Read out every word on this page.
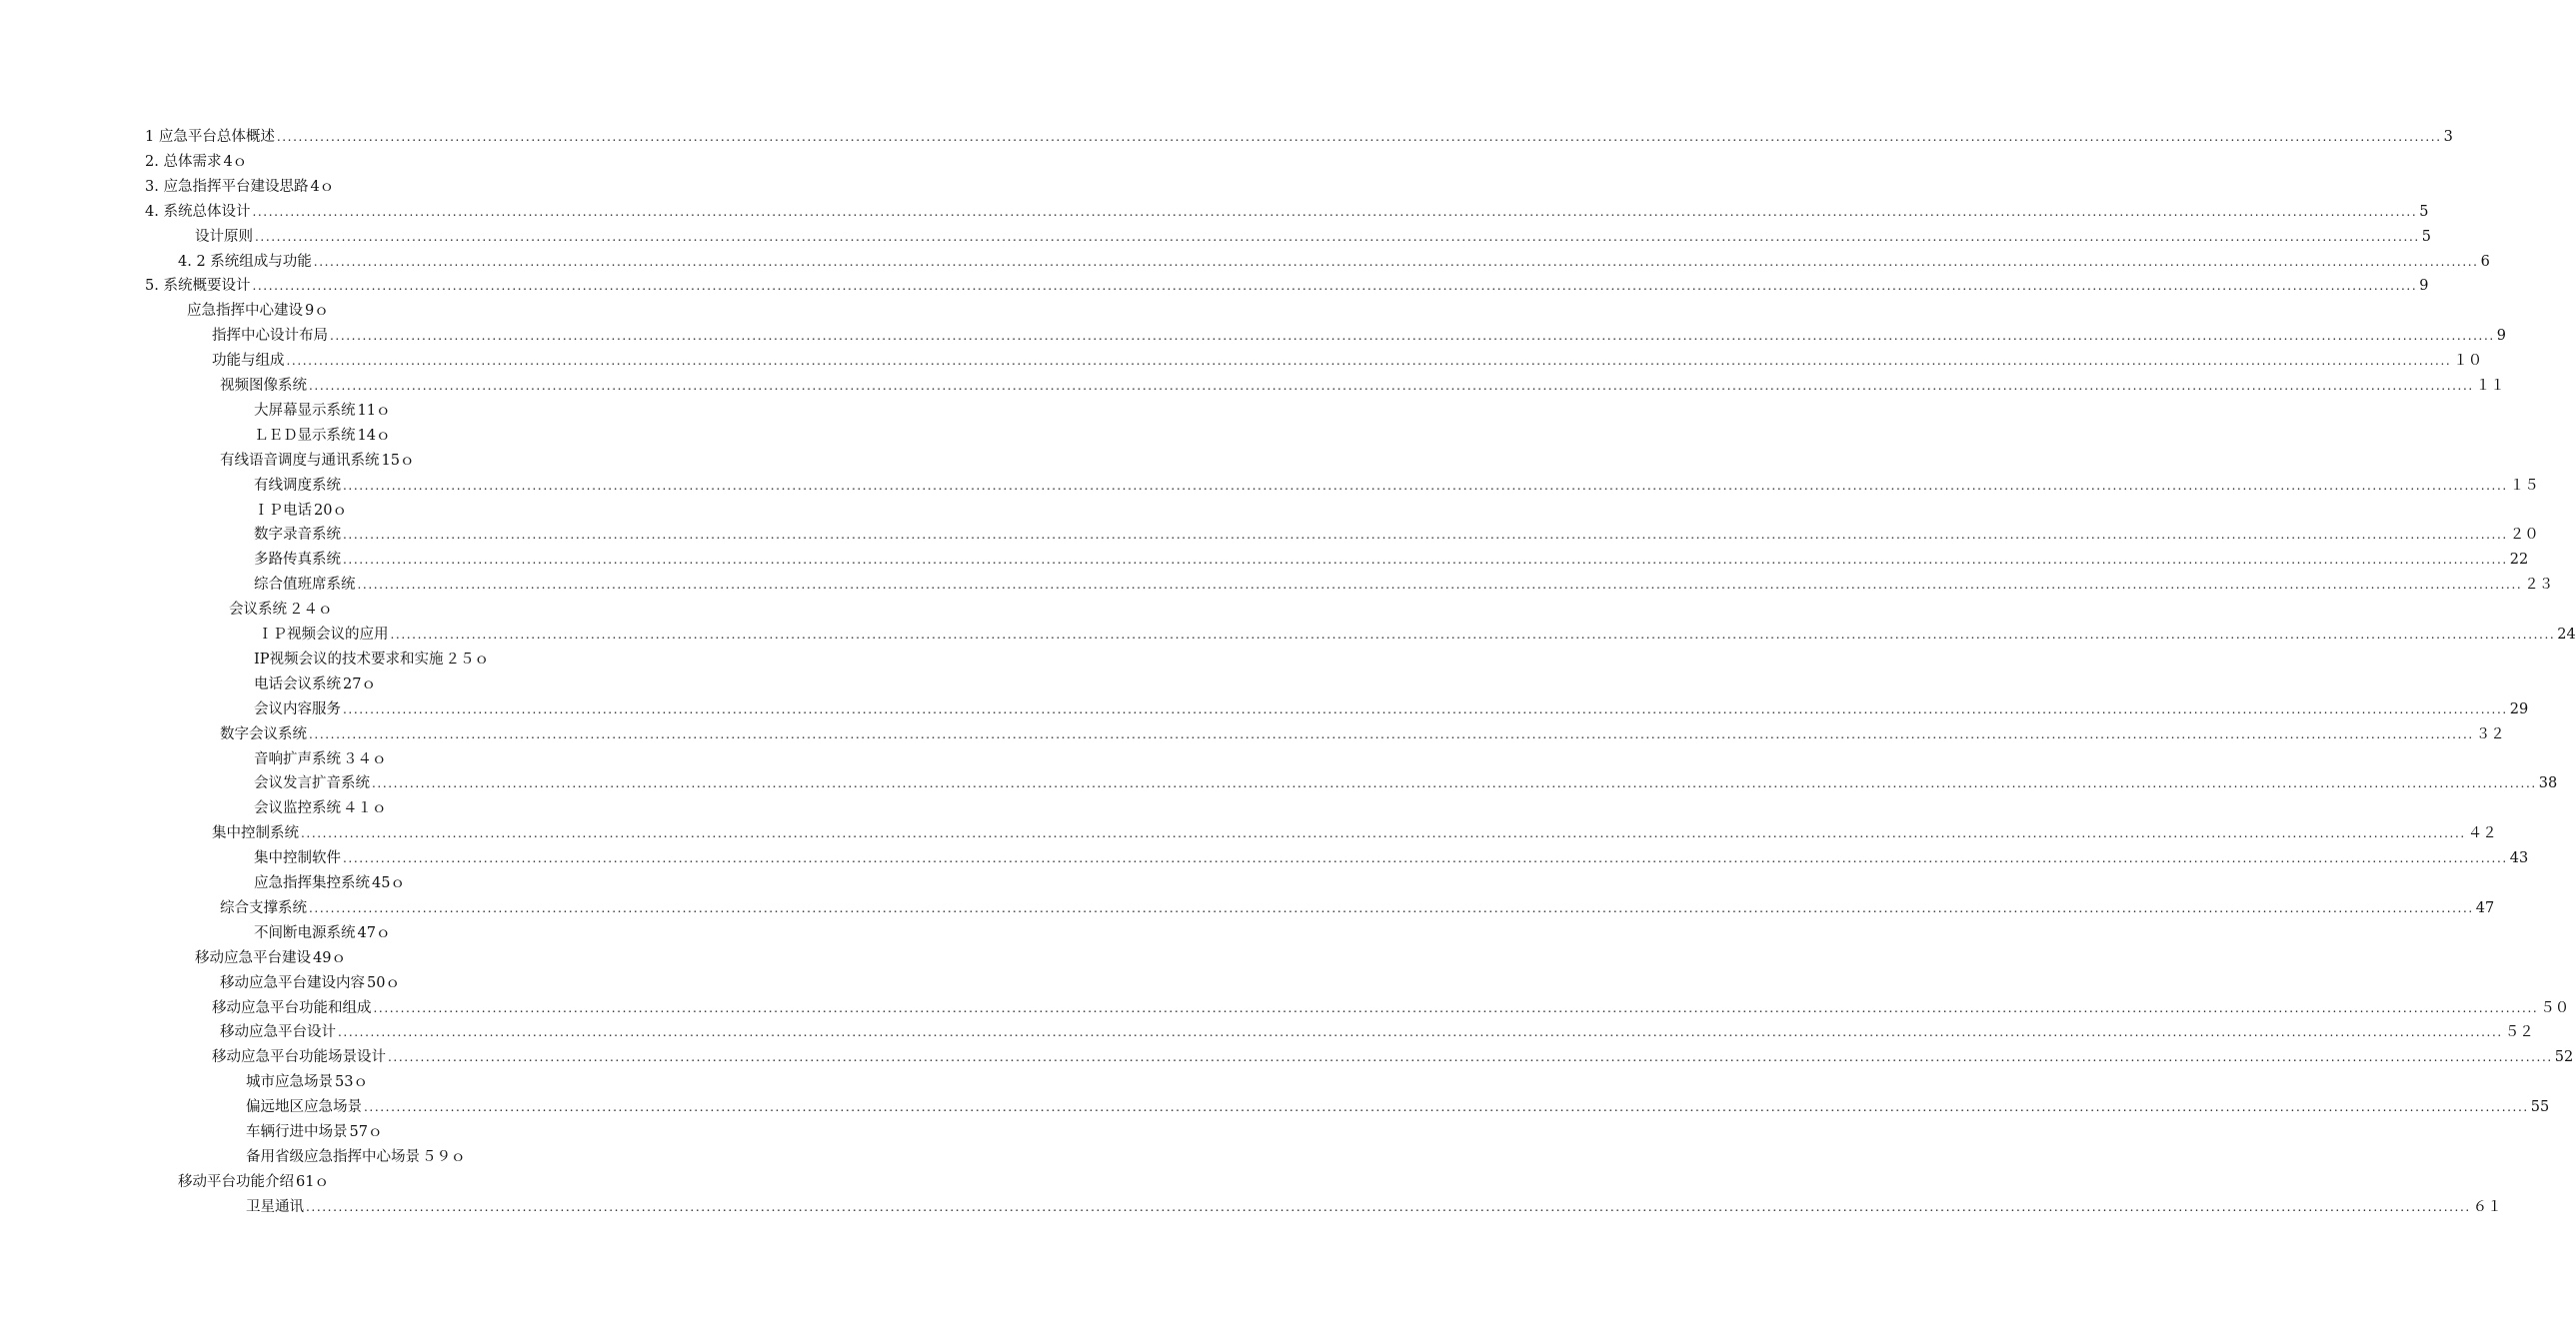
1 应急平台总体概述 ................................................................................................................................................................................................................................................................................................................................................................................................................ 3
2. 总体需求 4ｏ
3. 应急指挥平台建设思路 4ｏ
4. 系统总体设计 ................................................................................................................................................................................................................................................................................................................................................................................................................ 5
设计原则 ................................................................................................................................................................................................................................................................................................................................................................................................................ 5
4. 2 系统组成与功能 ................................................................................................................................................................................................................................................................................................................................................................................................................ 6
5. 系统概要设计 ................................................................................................................................................................................................................................................................................................................................................................................................................ 9
应急指挥中心建设 9ｏ
指挥中心设计布局 ................................................................................................................................................................................................................................................................................................................................................................................................................ 9
功能与组成 ................................................................................................................................................................................................................................................................................................................................................................................................................ １０
视频图像系统 ................................................................................................................................................................................................................................................................................................................................................................................................................ １１
大屏幕显示系统 11ｏ
ＬＥＤ显示系统 14ｏ
有线语音调度与通讯系统 15ｏ
有线调度系统 ................................................................................................................................................................................................................................................................................................................................................................................................................ １５
ＩＰ电话 20ｏ
数字录音系统 ................................................................................................................................................................................................................................................................................................................................................................................................................ ２０
多路传真系统 ................................................................................................................................................................................................................................................................................................................................................................................................................ 22
综合值班席系统 ................................................................................................................................................................................................................................................................................................................................................................................................................ ２３
会议系统 ２４ｏ
ＩＰ视频会议的应用 ................................................................................................................................................................................................................................................................................................................................................................................................................ 24
IP视频会议的技术要求和实施 ２５ｏ
电话会议系统 27ｏ
会议内容服务 ................................................................................................................................................................................................................................................................................................................................................................................................................ 29
数字会议系统 ................................................................................................................................................................................................................................................................................................................................................................................................................ ３２
音响扩声系统 ３４ｏ
会议发言扩音系统 ................................................................................................................................................................................................................................................................................................................................................................................................................ 38
会议监控系统 ４１ｏ
集中控制系统 ................................................................................................................................................................................................................................................................................................................................................................................................................ ４２
集中控制软件 ................................................................................................................................................................................................................................................................................................................................................................................................................ 43
应急指挥集控系统 45ｏ
综合支撑系统 ................................................................................................................................................................................................................................................................................................................................................................................................................ 47
不间断电源系统 47ｏ
移动应急平台建设 49ｏ
移动应急平台建设内容 50ｏ
移动应急平台功能和组成 ................................................................................................................................................................................................................................................................................................................................................................................................................ ５０
移动应急平台设计 ................................................................................................................................................................................................................................................................................................................................................................................................................ ５２
移动应急平台功能场景设计 ................................................................................................................................................................................................................................................................................................................................................................................................................ 52
城市应急场景 53ｏ
偏远地区应急场景 ................................................................................................................................................................................................................................................................................................................................................................................................................ 55
车辆行进中场景 57ｏ
备用省级应急指挥中心场景 ５９ｏ
移动平台功能介绍 61ｏ
卫星通讯 ................................................................................................................................................................................................................................................................................................................................................................................................................ ６１
